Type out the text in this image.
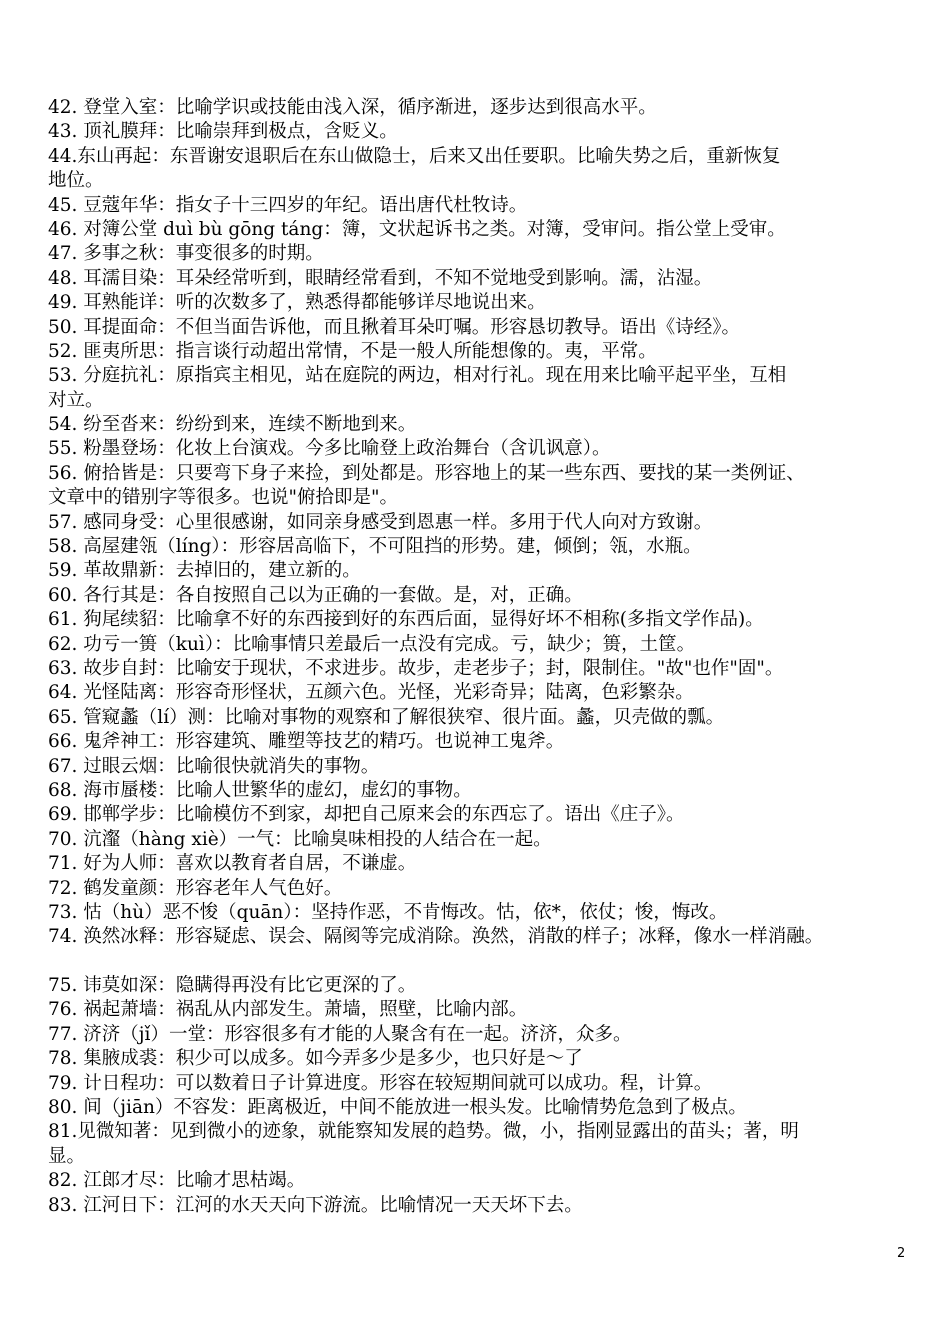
42. 登堂入室：比喻学识或技能由浅入深，循序渐进，逐步达到很高水平。
43. 顶礼膜拜：比喻崇拜到极点，含贬义。
44.东山再起：东晋谢安退职后在东山做隐士，后来又出任要职。比喻失势之后，重新恢复
地位。
45. 豆蔻年华：指女子十三四岁的年纪。语出唐代杜牧诗。
46. 对簿公堂 duì bù gōng táng：簿，文状起诉书之类。对簿，受审问。指公堂上受审。
47. 多事之秋：事变很多的时期。
48. 耳濡目染：耳朵经常听到，眼睛经常看到，不知不觉地受到影响。濡，沾湿。
49. 耳熟能详：听的次数多了，熟悉得都能够详尽地说出来。
50. 耳提面命：不但当面告诉他，而且揪着耳朵叮嘱。形容恳切教导。语出《诗经》。
52. 匪夷所思：指言谈行动超出常情，不是一般人所能想像的。夷，平常。
53. 分庭抗礼：原指宾主相见，站在庭院的两边，相对行礼。现在用来比喻平起平坐，互相
对立。
54. 纷至沓来：纷纷到来，连续不断地到来。
55. 粉墨登场：化妆上台演戏。今多比喻登上政治舞台（含讥讽意）。
56. 俯拾皆是：只要弯下身子来捡，到处都是。形容地上的某一些东西、要找的某一类例证、
文章中的错别字等很多。也说"俯拾即是"。
57. 感同身受：心里很感谢，如同亲身感受到恩惠一样。多用于代人向对方致谢。
58. 高屋建瓴（líng）：形容居高临下，不可阻挡的形势。建，倾倒；瓴，水瓶。
59. 革故鼎新：去掉旧的，建立新的。
60. 各行其是：各自按照自己以为正确的一套做。是，对，正确。
61. 狗尾续貂：比喻拿不好的东西接到好的东西后面，显得好坏不相称(多指文学作品)。
62. 功亏一篑（kuì）：比喻事情只差最后一点没有完成。亏，缺少；篑，土筐。
63. 故步自封：比喻安于现状，不求进步。故步，走老步子；封，限制住。"故"也作"固"。
64. 光怪陆离：形容奇形怪状，五颜六色。光怪，光彩奇异；陆离，色彩繁杂。
65. 管窥蠡（lí）测：比喻对事物的观察和了解很狭窄、很片面。蠡，贝壳做的瓢。
66. 鬼斧神工：形容建筑、雕塑等技艺的精巧。也说神工鬼斧。
67. 过眼云烟：比喻很快就消失的事物。
68. 海市蜃楼：比喻人世繁华的虚幻，虚幻的事物。
69. 邯郸学步：比喻模仿不到家，却把自己原来会的东西忘了。语出《庄子》。
70. 沆瀣（hàng xiè）一气：比喻臭味相投的人结合在一起。
71. 好为人师：喜欢以教育者自居，不谦虚。
72. 鹤发童颜：形容老年人气色好。
73. 怙（hù）恶不悛（quān）：坚持作恶，不肯悔改。怙，依*，依仗；悛，悔改。
74. 涣然冰释：形容疑虑、误会、隔阂等完成消除。涣然，消散的样子；冰释，像水一样消融。
75. 讳莫如深：隐瞒得再没有比它更深的了。
76. 祸起萧墙：祸乱从内部发生。萧墙，照壁，比喻内部。
77. 济济（jǐ）一堂：形容很多有才能的人聚含有在一起。济济，众多。
78. 集腋成裘：积少可以成多。如今弄多少是多少，也只好是～了
79. 计日程功：可以数着日子计算进度。形容在较短期间就可以成功。程，计算。
80. 间（jiān）不容发：距离极近，中间不能放进一根头发。比喻情势危急到了极点。
81.见微知著：见到微小的迹象，就能察知发展的趋势。微，小，指刚显露出的苗头；著，明
显。
82. 江郎才尽：比喻才思枯竭。
83. 江河日下：江河的水天天向下游流。比喻情况一天天坏下去。
2
